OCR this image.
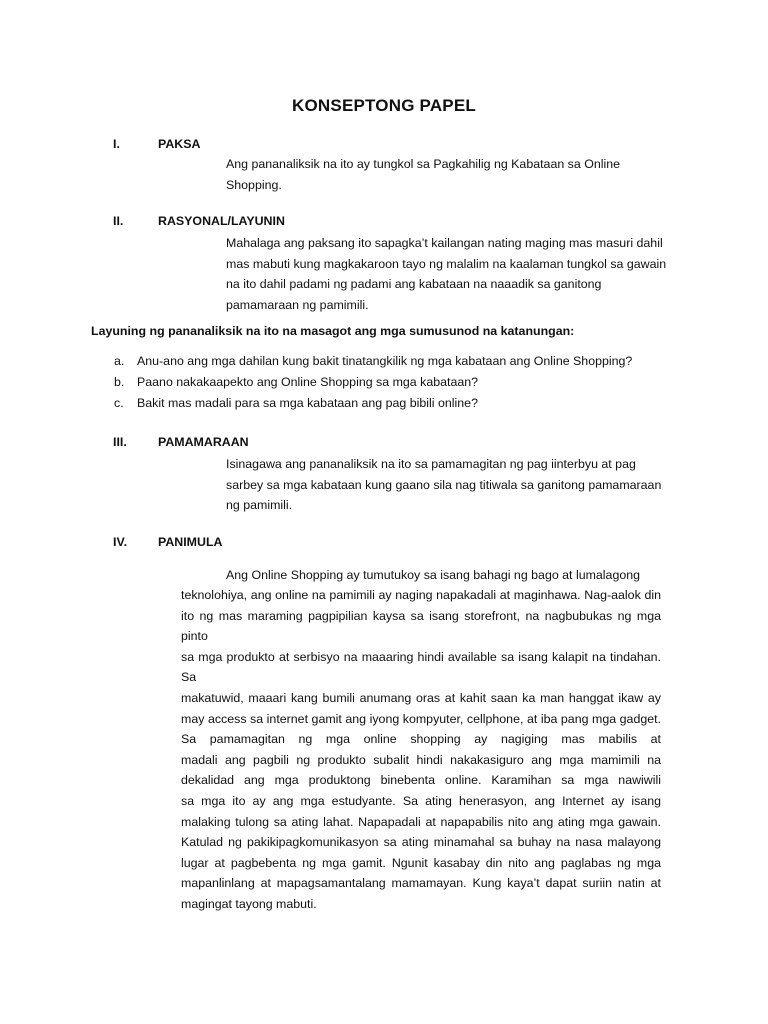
KONSEPTONG PAPEL
I.	PAKSA
Ang pananaliksik na ito ay tungkol sa Pagkahilig ng Kabataan sa Online
Shopping.
II.	RASYONAL/LAYUNIN
Mahalaga ang paksang ito sapagka’t kailangan nating maging mas masuri dahil
mas mabuti kung magkakaroon tayo ng malalim na kaalaman tungkol sa gawain
na ito dahil padami ng padami ang kabataan na naaadik sa ganitong
pamamaraan ng pamimili.
Layuning ng pananaliksik na ito na masagot ang mga sumusunod na katanungan:
a. Anu-ano ang mga dahilan kung bakit tinatangkilik ng mga kabataan ang Online Shopping?
b. Paano nakakaapekto ang Online Shopping sa mga kabataan?
c. Bakit mas madali para sa mga kabataan ang pag bibili online?
III.	PAMAMARAAN
Isinagawa ang pananaliksik na ito sa pamamagitan ng pag iinterbyu at pag
sarbey sa mga kabataan kung gaano sila nag titiwala sa ganitong pamamaraan
ng pamimili.
IV. PANIMULA
Ang Online Shopping ay tumutukoy sa isang bahagi ng bago at lumalagong
teknolohiya, ang online na pamimili ay naging napakadali at maginhawa. Nag-aalok din
ito ng mas maraming pagpipilian kaysa sa isang storefront, na nagbubukas ng mga pinto
sa mga produkto at serbisyo na maaaring hindi available sa isang kalapit na tindahan. Sa
makatuwid, maaari kang bumili anumang oras at kahit saan ka man hanggat ikaw ay
may access sa internet gamit ang iyong kompyuter, cellphone, at iba pang mga gadget.
Sa pamamagitan ng mga online shopping ay nagiging mas mabilis at
madali ang pagbili ng produkto subalit hindi nakakasiguro ang mga mamimili na
dekalidad ang mga produktong binebenta online. Karamihan sa mga nawiwili
sa mga ito ay ang mga estudyante. Sa ating henerasyon, ang Internet ay isang
malaking tulong sa ating lahat. Napapadali at napapabilis nito ang ating mga gawain.
Katulad ng pakikipagkomunikasyon sa ating minamahal sa buhay na nasa malayong
lugar at pagbebenta ng mga gamit. Ngunit kasabay din nito ang paglabas ng mga
mapanlinlang at mapagsamantalang mamamayan. Kung kaya’t dapat suriin natin at
magingat tayong mabuti.
